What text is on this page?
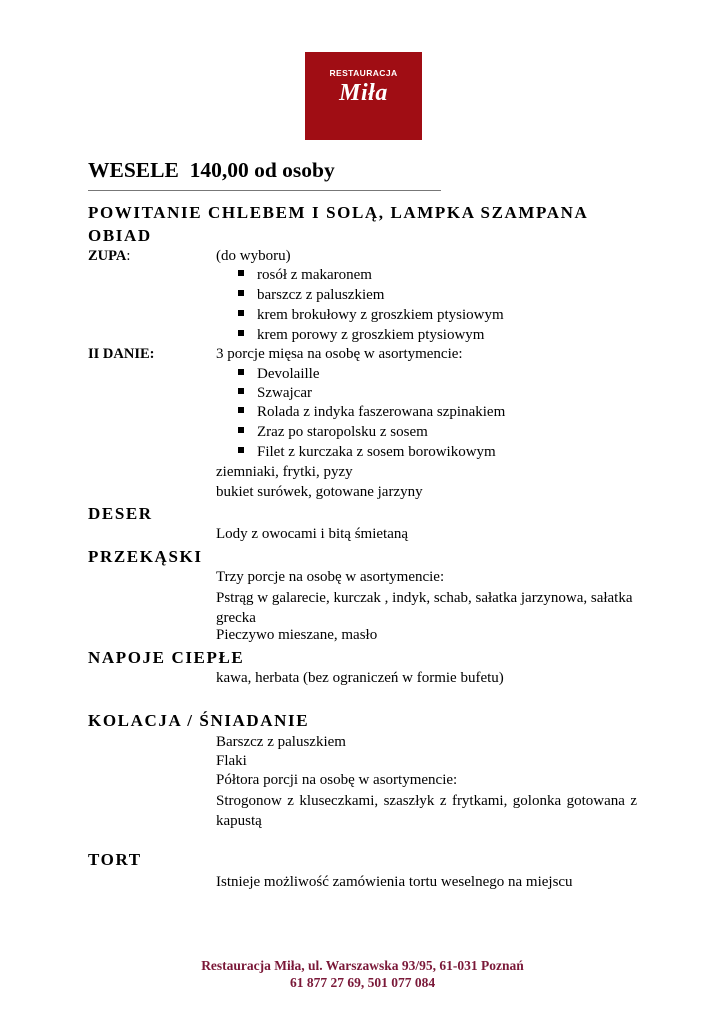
RESTAURACJA
Miła
WESELE  140,00 od osoby
POWITANIE CHLEBEM I SOLĄ, LAMPKA SZAMPANA
OBIAD
ZUPA:	(do wyboru)
rosół z makaronem
barszcz z paluszkiem
krem brokułowy z groszkiem ptysiowym
krem porowy z groszkiem ptysiowym
II DANIE:	3 porcje mięsa na osobę w asortymencie:
Devolaille
Szwajcar
Rolada z indyka faszerowana szpinakiem
Zraz po staropolsku z sosem
Filet z kurczaka z sosem borowikowym
ziemniaki, frytki, pyzy
bukiet surówek, gotowane jarzyny
DESER
Lody z owocami i bitą śmietaną
PRZEKĄSKI
Trzy porcje na osobę w asortymencie:
Pstrąg w galarecie, kurczak , indyk, schab, sałatka jarzynowa, sałatka grecka
Pieczywo mieszane, masło
NAPOJE CIEPŁE
kawa, herbata (bez ograniczeń w formie bufetu)
KOLACJA / ŚNIADANIE
Barszcz z paluszkiem
Flaki
Półtora porcji na osobę w asortymencie:
Strogonow z kluseczkami, szaszłyk z frytkami, golonka gotowana z kapustą
TORT
Istnieje możliwość zamówienia tortu weselnego na miejscu
Restauracja Miła, ul. Warszawska 93/95, 61-031 Poznań
61 877 27 69, 501 077 084
